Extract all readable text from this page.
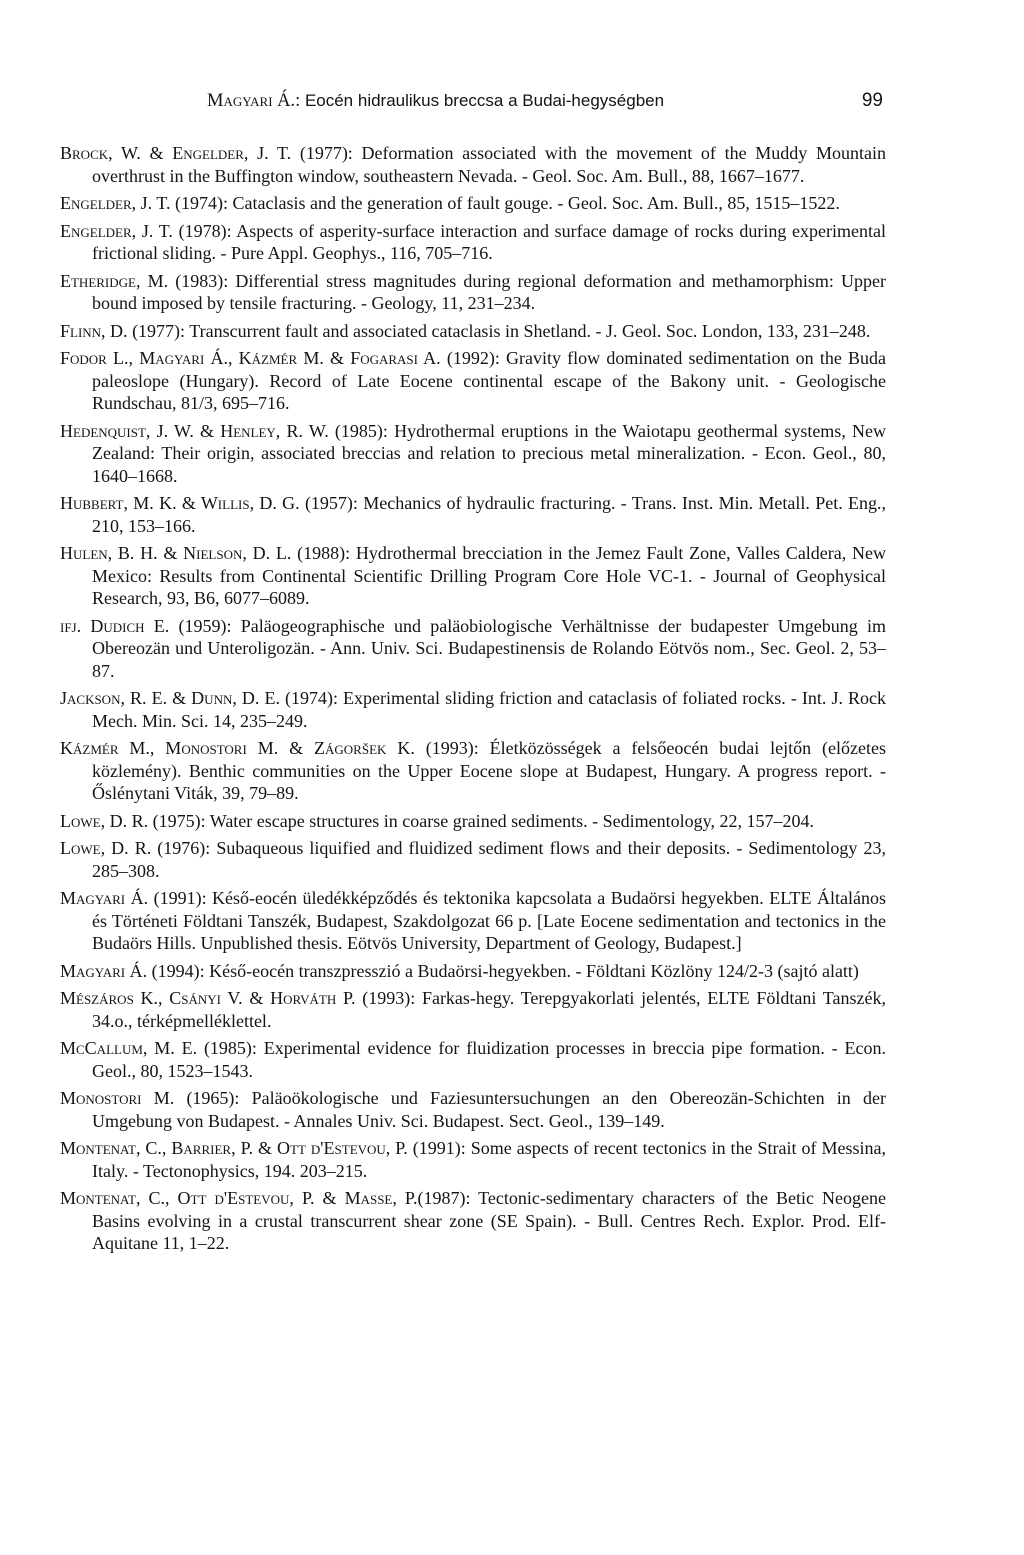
Magyari Á.: Eocén hidraulikus breccsa a Budai-hegységben	99
Brock, W. & Engelder, J. T. (1977): Deformation associated with the movement of the Muddy Mountain overthrust in the Buffington window, southeastern Nevada. - Geol. Soc. Am. Bull., 88, 1667–1677.
Engelder, J. T. (1974): Cataclasis and the generation of fault gouge. - Geol. Soc. Am. Bull., 85, 1515–1522.
Engelder, J. T. (1978): Aspects of asperity-surface interaction and surface damage of rocks during experimental frictional sliding. - Pure Appl. Geophys., 116, 705–716.
Etheridge, M. (1983): Differential stress magnitudes during regional deformation and methamorphism: Upper bound imposed by tensile fracturing. - Geology, 11, 231–234.
Flinn, D. (1977): Transcurrent fault and associated cataclasis in Shetland. - J. Geol. Soc. London, 133, 231–248.
Fodor L., Magyari Á., Kázmér M. & Fogarasi A. (1992): Gravity flow dominated sedimentation on the Buda paleoslope (Hungary). Record of Late Eocene continental escape of the Bakony unit. - Geologische Rundschau, 81/3, 695–716.
Hedenquist, J. W. & Henley, R. W. (1985): Hydrothermal eruptions in the Waiotapu geothermal systems, New Zealand: Their origin, associated breccias and relation to precious metal mineralization. - Econ. Geol., 80, 1640–1668.
Hubbert, M. K. & Willis, D. G. (1957): Mechanics of hydraulic fracturing. - Trans. Inst. Min. Metall. Pet. Eng., 210, 153–166.
Hulen, B. H. & Nielson, D. L. (1988): Hydrothermal brecciation in the Jemez Fault Zone, Valles Caldera, New Mexico: Results from Continental Scientific Drilling Program Core Hole VC-1. - Journal of Geophysical Research, 93, B6, 6077–6089.
ifj. Dudich E. (1959): Paläogeographische und paläobiologische Verhältnisse der budapester Umgebung im Obereozän und Unteroligozän. - Ann. Univ. Sci. Budapestinensis de Rolando Eötvös nom., Sec. Geol. 2, 53–87.
Jackson, R. E. & Dunn, D. E. (1974): Experimental sliding friction and cataclasis of foliated rocks. - Int. J. Rock Mech. Min. Sci. 14, 235–249.
Kázmér M., Monostori M. & Zágoršek K. (1993): Életközösségek a felsőeocén budai lejtőn (előzetes közlemény). Benthic communities on the Upper Eocene slope at Budapest, Hungary. A progress report. - Őslénytani Viták, 39, 79–89.
Lowe, D. R. (1975): Water escape structures in coarse grained sediments. - Sedimentology, 22, 157–204.
Lowe, D. R. (1976): Subaqueous liquified and fluidized sediment flows and their deposits. - Sedimentology 23, 285–308.
Magyari Á. (1991): Késő-eocén üledékképződés és tektonika kapcsolata a Budaörsi hegyekben. ELTE Általános és Történeti Földtani Tanszék, Budapest, Szakdolgozat 66 p. [Late Eocene sedimentation and tectonics in the Budaörs Hills. Unpublished thesis. Eötvös University, Department of Geology, Budapest.]
Magyari Á. (1994): Késő-eocén transzpresszió a Budaörsi-hegyekben. - Földtani Közlöny 124/2-3 (sajtó alatt)
Mészáros K., Csányi V. & Horváth P. (1993): Farkas-hegy. Terepgyakorlati jelentés, ELTE Földtani Tanszék, 34.o., térképmelléklettel.
McCallum, M. E. (1985): Experimental evidence for fluidization processes in breccia pipe formation. - Econ. Geol., 80, 1523–1543.
Monostori M. (1965): Paläoökologische und Faziesuntersuchungen an den Obereozän-Schichten in der Umgebung von Budapest. - Annales Univ. Sci. Budapest. Sect. Geol., 139–149.
Montenat, C., Barrier, P. & Ott d'Estevou, P. (1991): Some aspects of recent tectonics in the Strait of Messina, Italy. - Tectonophysics, 194. 203–215.
Montenat, C., Ott d'Estevou, P. & Masse, P.(1987): Tectonic-sedimentary characters of the Betic Neogene Basins evolving in a crustal transcurrent shear zone (SE Spain). - Bull. Centres Rech. Explor. Prod. Elf-Aquitane 11, 1–22.
